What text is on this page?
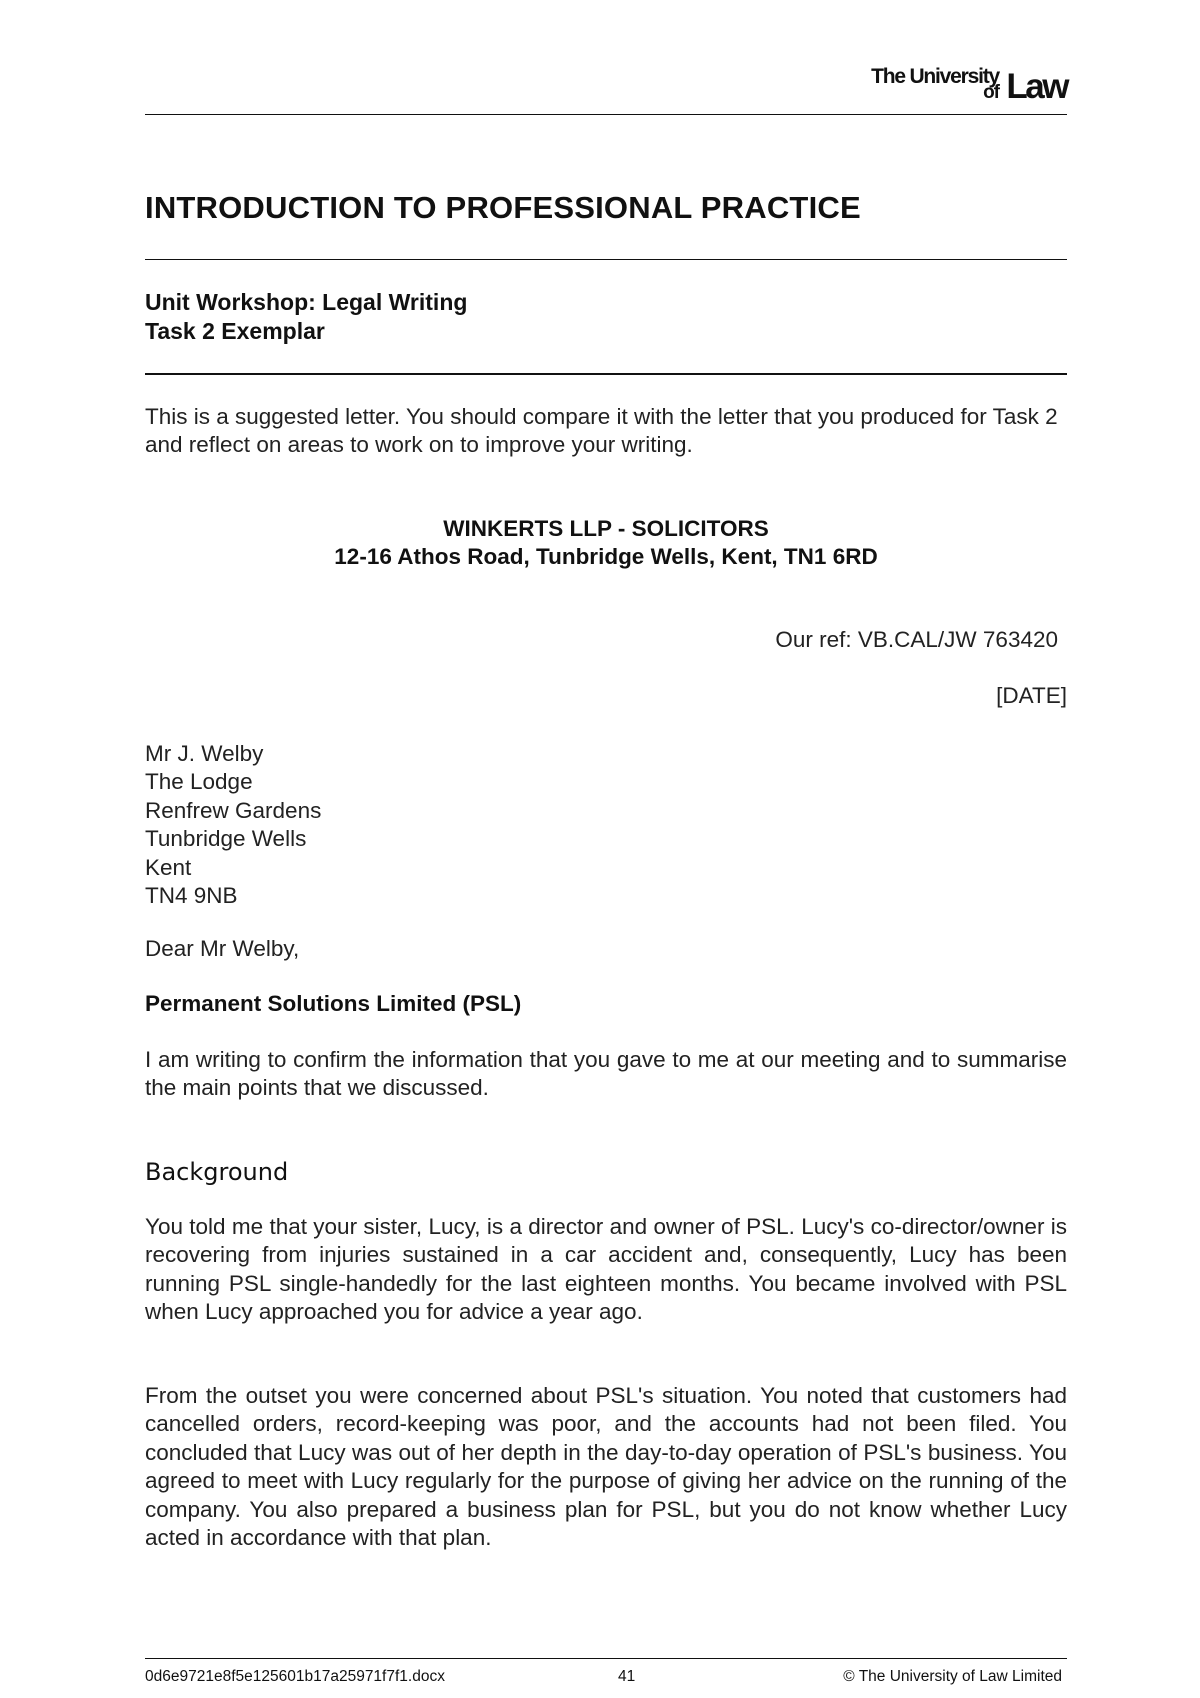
The University
of Law
INTRODUCTION TO PROFESSIONAL PRACTICE
Unit Workshop: Legal Writing
Task 2 Exemplar
This is a suggested letter. You should compare it with the letter that you produced for Task 2 and reflect on areas to work on to improve your writing.
WINKERTS LLP - SOLICITORS
12-16 Athos Road, Tunbridge Wells, Kent, TN1 6RD
Our ref: VB.CAL/JW 763420
[DATE]
Mr J. Welby
The Lodge
Renfrew Gardens
Tunbridge Wells
Kent
TN4 9NB
Dear Mr Welby,
Permanent Solutions Limited (PSL)
I am writing to confirm the information that you gave to me at our meeting and to summarise the main points that we discussed.
Background
You told me that your sister, Lucy, is a director and owner of PSL. Lucy's co-director/owner is recovering from injuries sustained in a car accident and, consequently, Lucy has been running PSL single-handedly for the last eighteen months. You became involved with PSL when Lucy approached you for advice a year ago.
From the outset you were concerned about PSL's situation. You noted that customers had cancelled orders, record-keeping was poor, and the accounts had not been filed. You concluded that Lucy was out of her depth in the day-to-day operation of PSL's business. You agreed to meet with Lucy regularly for the purpose of giving her advice on the running of the company. You also prepared a business plan for PSL, but you do not know whether Lucy acted in accordance with that plan.
0d6e9721e8f5e125601b17a25971f7f1.docx	41	© The University of Law Limited
